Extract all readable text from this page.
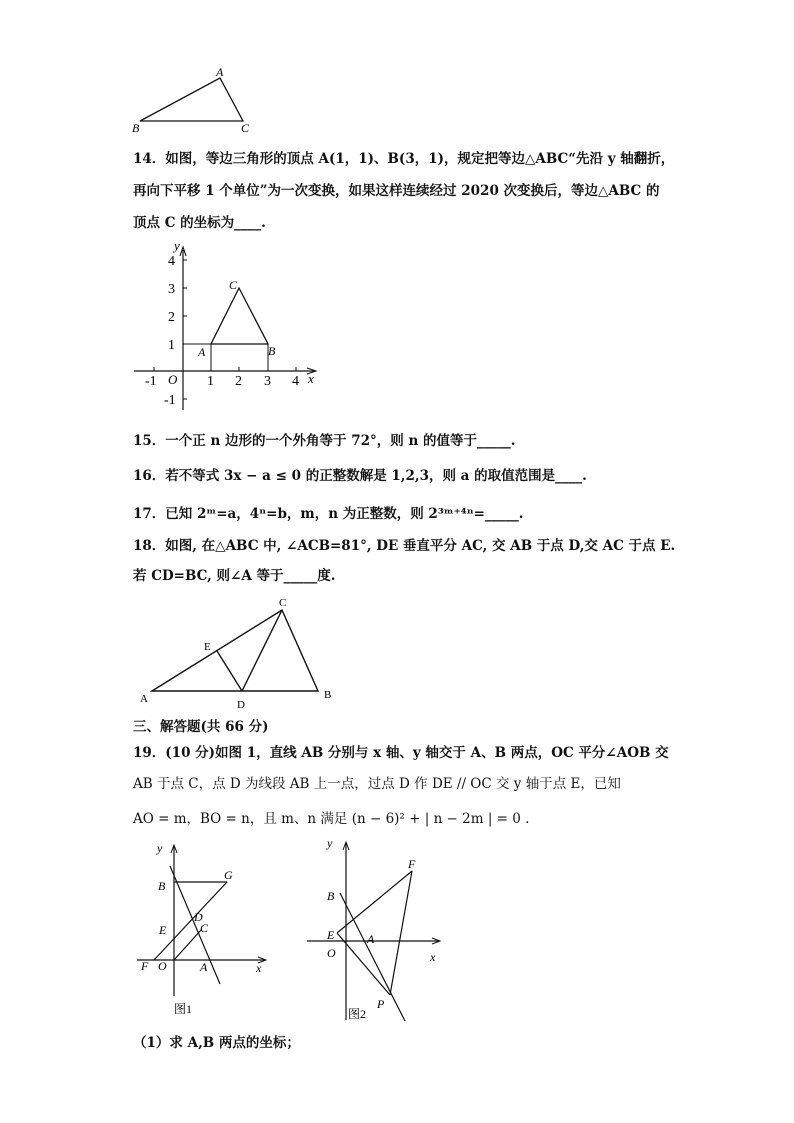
A
B	C
14．如图，等边三角形的顶点 A(1，1)、B(3，1)，规定把等边△ABC“先沿 y 轴翻折，
再向下平移 1 个单位”为一次变换，如果这样连续经过 2020 次变换后，等边△ABC 的
顶点 C 的坐标为____.
y
x
O
4
3
2
1
-1
-1	1 2 3 4
A	B
C
15．一个正 n 边形的一个外角等于 72°，则 n 的值等于_____.
16．若不等式 3x − a ≤ 0 的正整数解是 1,2,3，则 a 的取值范围是____.
17．已知 2ᵐ=a，4ⁿ=b，m，n 为正整数，则 2³ᵐ⁺⁴ⁿ=_____.
18．如图, 在△ABC 中, ∠ACB=81°, DE 垂直平分 AC, 交 AB 于点 D,交 AC 于点 E.
若 CD=BC, 则∠A 等于_____度.
A	B
C
D
E
三、解答题(共 66 分)
19．(10 分)如图 1，直线 AB 分别与 x 轴、y 轴交于 A、B 两点，OC 平分∠AOB 交
AB 于点 C，点 D 为线段 AB 上一点，过点 D 作 DE // OC 交 y 轴于点 E，已知
AO = m，BO = n，且 m、n 满足 (n − 6)² + | n − 2m | = 0 .
y
x
B
G
D
E	C
F O	A
图1
y
x
F
B
E	A
O
P
图2
（1）求 A,B 两点的坐标；
